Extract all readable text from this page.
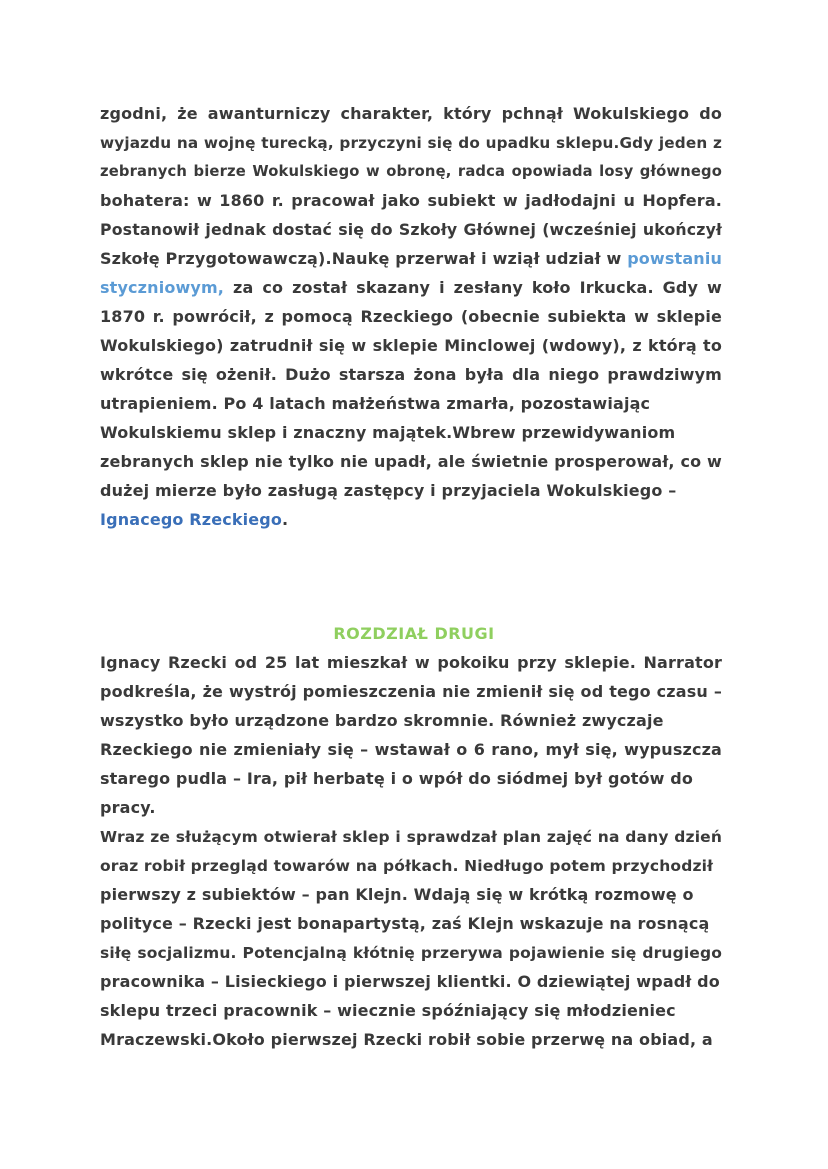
zgodni, że awanturniczy charakter, który pchnął Wokulskiego do
wyjazdu na wojnę turecką, przyczyni się do upadku sklepu.Gdy jeden z
zebranych bierze Wokulskiego w obronę, radca opowiada losy głównego
bohatera: w 1860 r. pracował jako subiekt w jadłodajni u Hopfera.
Postanowił jednak dostać się do Szkoły Głównej (wcześniej ukończył
Szkołę Przygotowawczą).Naukę przerwał i wziął udział w powstaniu
styczniowym, za co został skazany i zesłany koło Irkucka. Gdy w
1870 r. powrócił, z pomocą Rzeckiego (obecnie subiekta w sklepie
Wokulskiego) zatrudnił się w sklepie Minclowej (wdowy), z którą to
wkrótce się ożenił. Dużo starsza żona była dla niego prawdziwym
utrapieniem. Po 4 latach małżeństwa zmarła, pozostawiając
Wokulskiemu sklep i znaczny majątek.Wbrew przewidywaniom
zebranych sklep nie tylko nie upadł, ale świetnie prosperował, co w
dużej mierze było zasługą zastępcy i przyjaciela Wokulskiego –
Ignacego Rzeckiego.
ROZDZIAŁ DRUGI
Ignacy Rzecki od 25 lat mieszkał w pokoiku przy sklepie. Narrator
podkreśla, że wystrój pomieszczenia nie zmienił się od tego czasu –
wszystko było urządzone bardzo skromnie. Również zwyczaje
Rzeckiego nie zmieniały się – wstawał o 6 rano, mył się, wypuszcza
starego pudla – Ira, pił herbatę i o wpół do siódmej był gotów do
pracy.
Wraz ze służącym otwierał sklep i sprawdzał plan zajęć na dany dzień
oraz robił przegląd towarów na półkach. Niedługo potem przychodził
pierwszy z subiektów – pan Klejn. Wdają się w krótką rozmowę o
polityce – Rzecki jest bonapartystą, zaś Klejn wskazuje na rosnącą
siłę socjalizmu. Potencjalną kłótnię przerywa pojawienie się drugiego
pracownika – Lisieckiego i pierwszej klientki. O dziewiątej wpadł do
sklepu trzeci pracownik – wiecznie spóźniający się młodzieniec
Mraczewski.Około pierwszej Rzecki robił sobie przerwę na obiad, a
